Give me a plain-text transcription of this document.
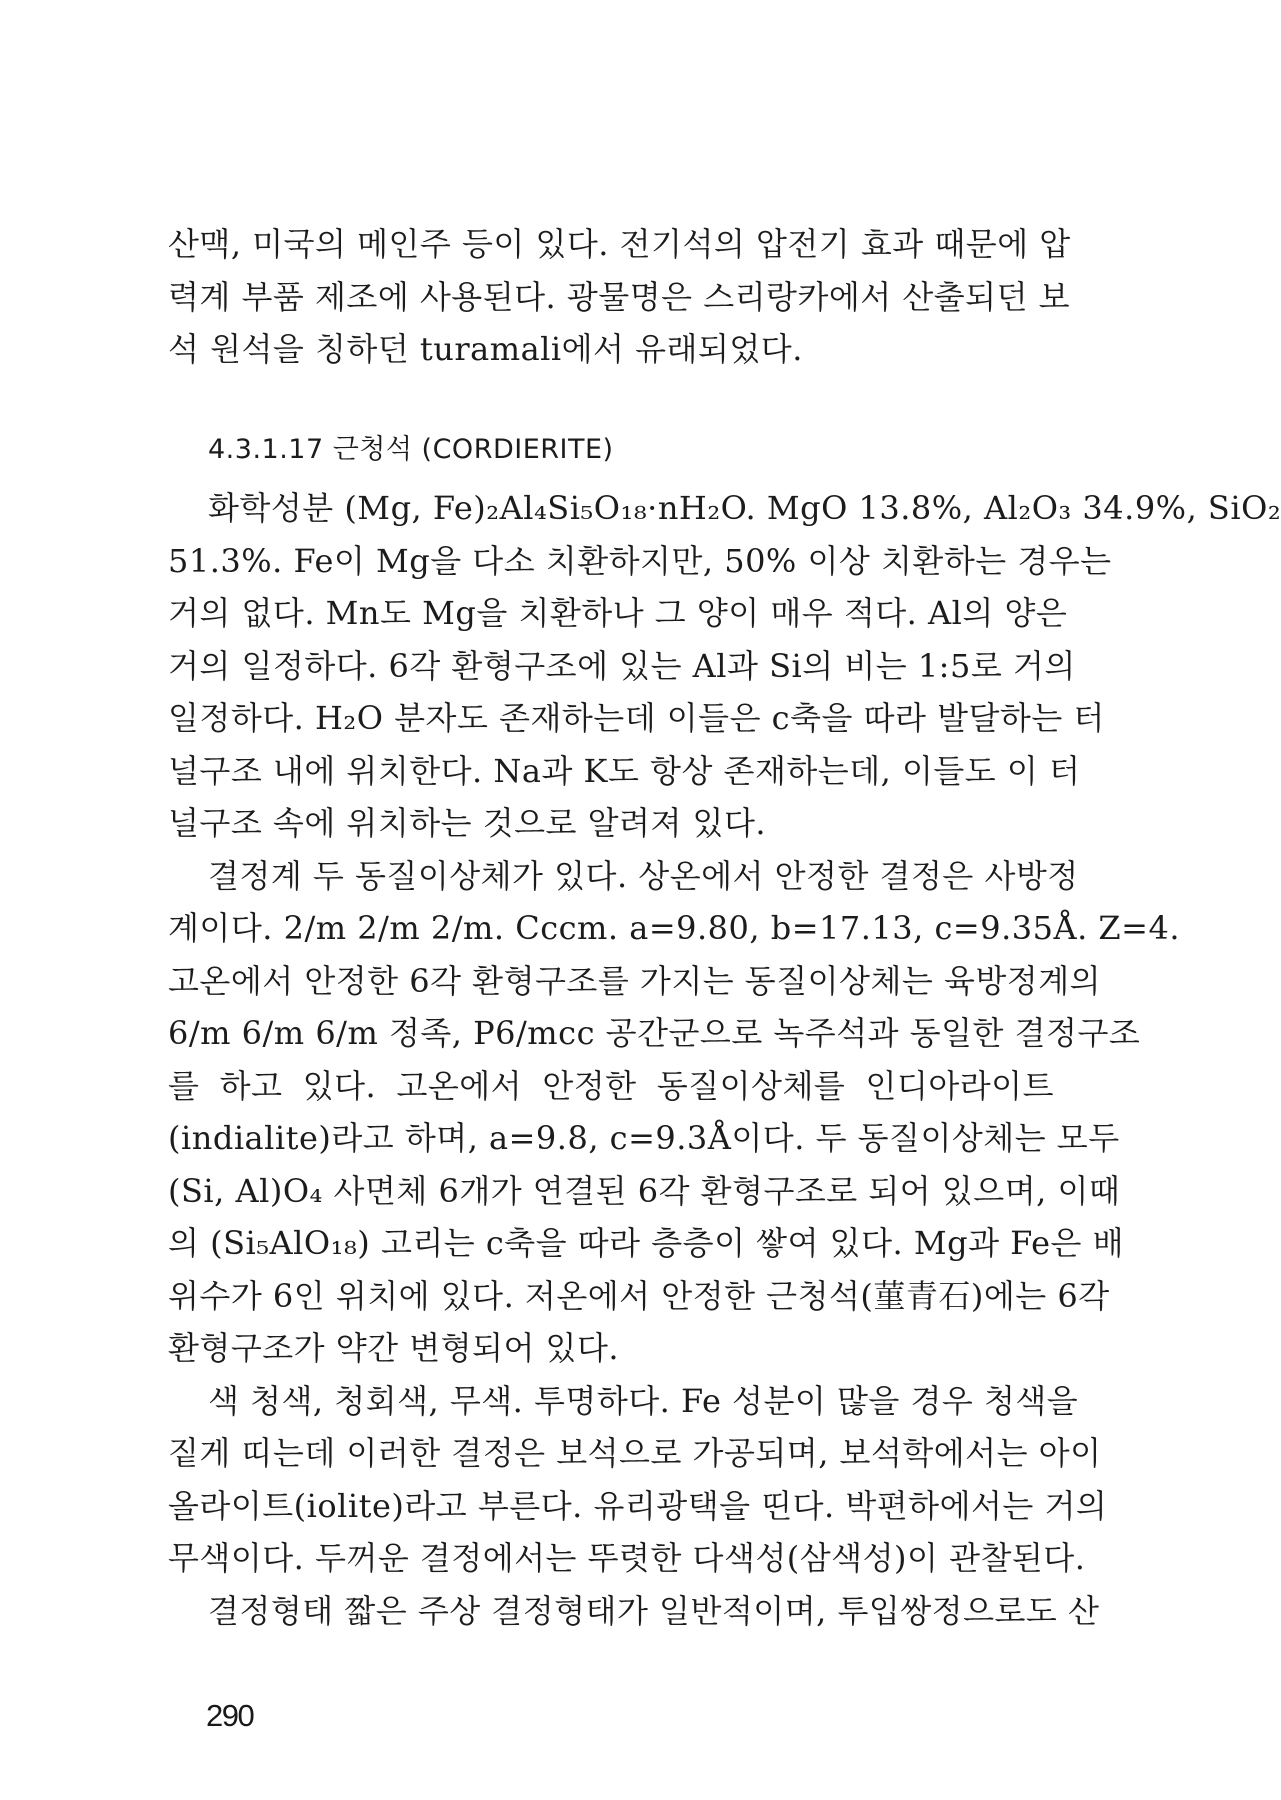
산맥, 미국의 메인주 등이 있다. 전기석의 압전기 효과 때문에 압
력계 부품 제조에 사용된다. 광물명은 스리랑카에서 산출되던 보
석 원석을 칭하던 turamali에서 유래되었다.
4.3.1.17 근청석 (CORDIERITE)
화학성분 (Mg, Fe)₂Al₄Si₅O₁₈·nH₂O. MgO 13.8%, Al₂O₃ 34.9%, SiO₂
51.3%. Fe이 Mg을 다소 치환하지만, 50% 이상 치환하는 경우는
거의 없다. Mn도 Mg을 치환하나 그 양이 매우 적다. Al의 양은
거의 일정하다. 6각 환형구조에 있는 Al과 Si의 비는 1:5로 거의
일정하다. H₂O 분자도 존재하는데 이들은 c축을 따라 발달하는 터
널구조 내에 위치한다. Na과 K도 항상 존재하는데, 이들도 이 터
널구조 속에 위치하는 것으로 알려져 있다.
결정계 두 동질이상체가 있다. 상온에서 안정한 결정은 사방정
계이다. 2/m 2/m 2/m. Cccm. a=9.80, b=17.13, c=9.35Å. Z=4.
고온에서 안정한 6각 환형구조를 가지는 동질이상체는 육방정계의
6/m 6/m 6/m 정족, P6/mcc 공간군으로 녹주석과 동일한 결정구조
를 하고 있다. 고온에서 안정한 동질이상체를 인디아라이트
(indialite)라고 하며, a=9.8, c=9.3Å이다. 두 동질이상체는 모두
(Si, Al)O₄ 사면체 6개가 연결된 6각 환형구조로 되어 있으며, 이때
의 (Si₅AlO₁₈) 고리는 c축을 따라 층층이 쌓여 있다. Mg과 Fe은 배
위수가 6인 위치에 있다. 저온에서 안정한 근청석(菫青石)에는 6각
환형구조가 약간 변형되어 있다.
색 청색, 청회색, 무색. 투명하다. Fe 성분이 많을 경우 청색을
짙게 띠는데 이러한 결정은 보석으로 가공되며, 보석학에서는 아이
올라이트(iolite)라고 부른다. 유리광택을 띤다. 박편하에서는 거의
무색이다. 두꺼운 결정에서는 뚜렷한 다색성(삼색성)이 관찰된다.
결정형태 짧은 주상 결정형태가 일반적이며, 투입쌍정으로도 산
290
